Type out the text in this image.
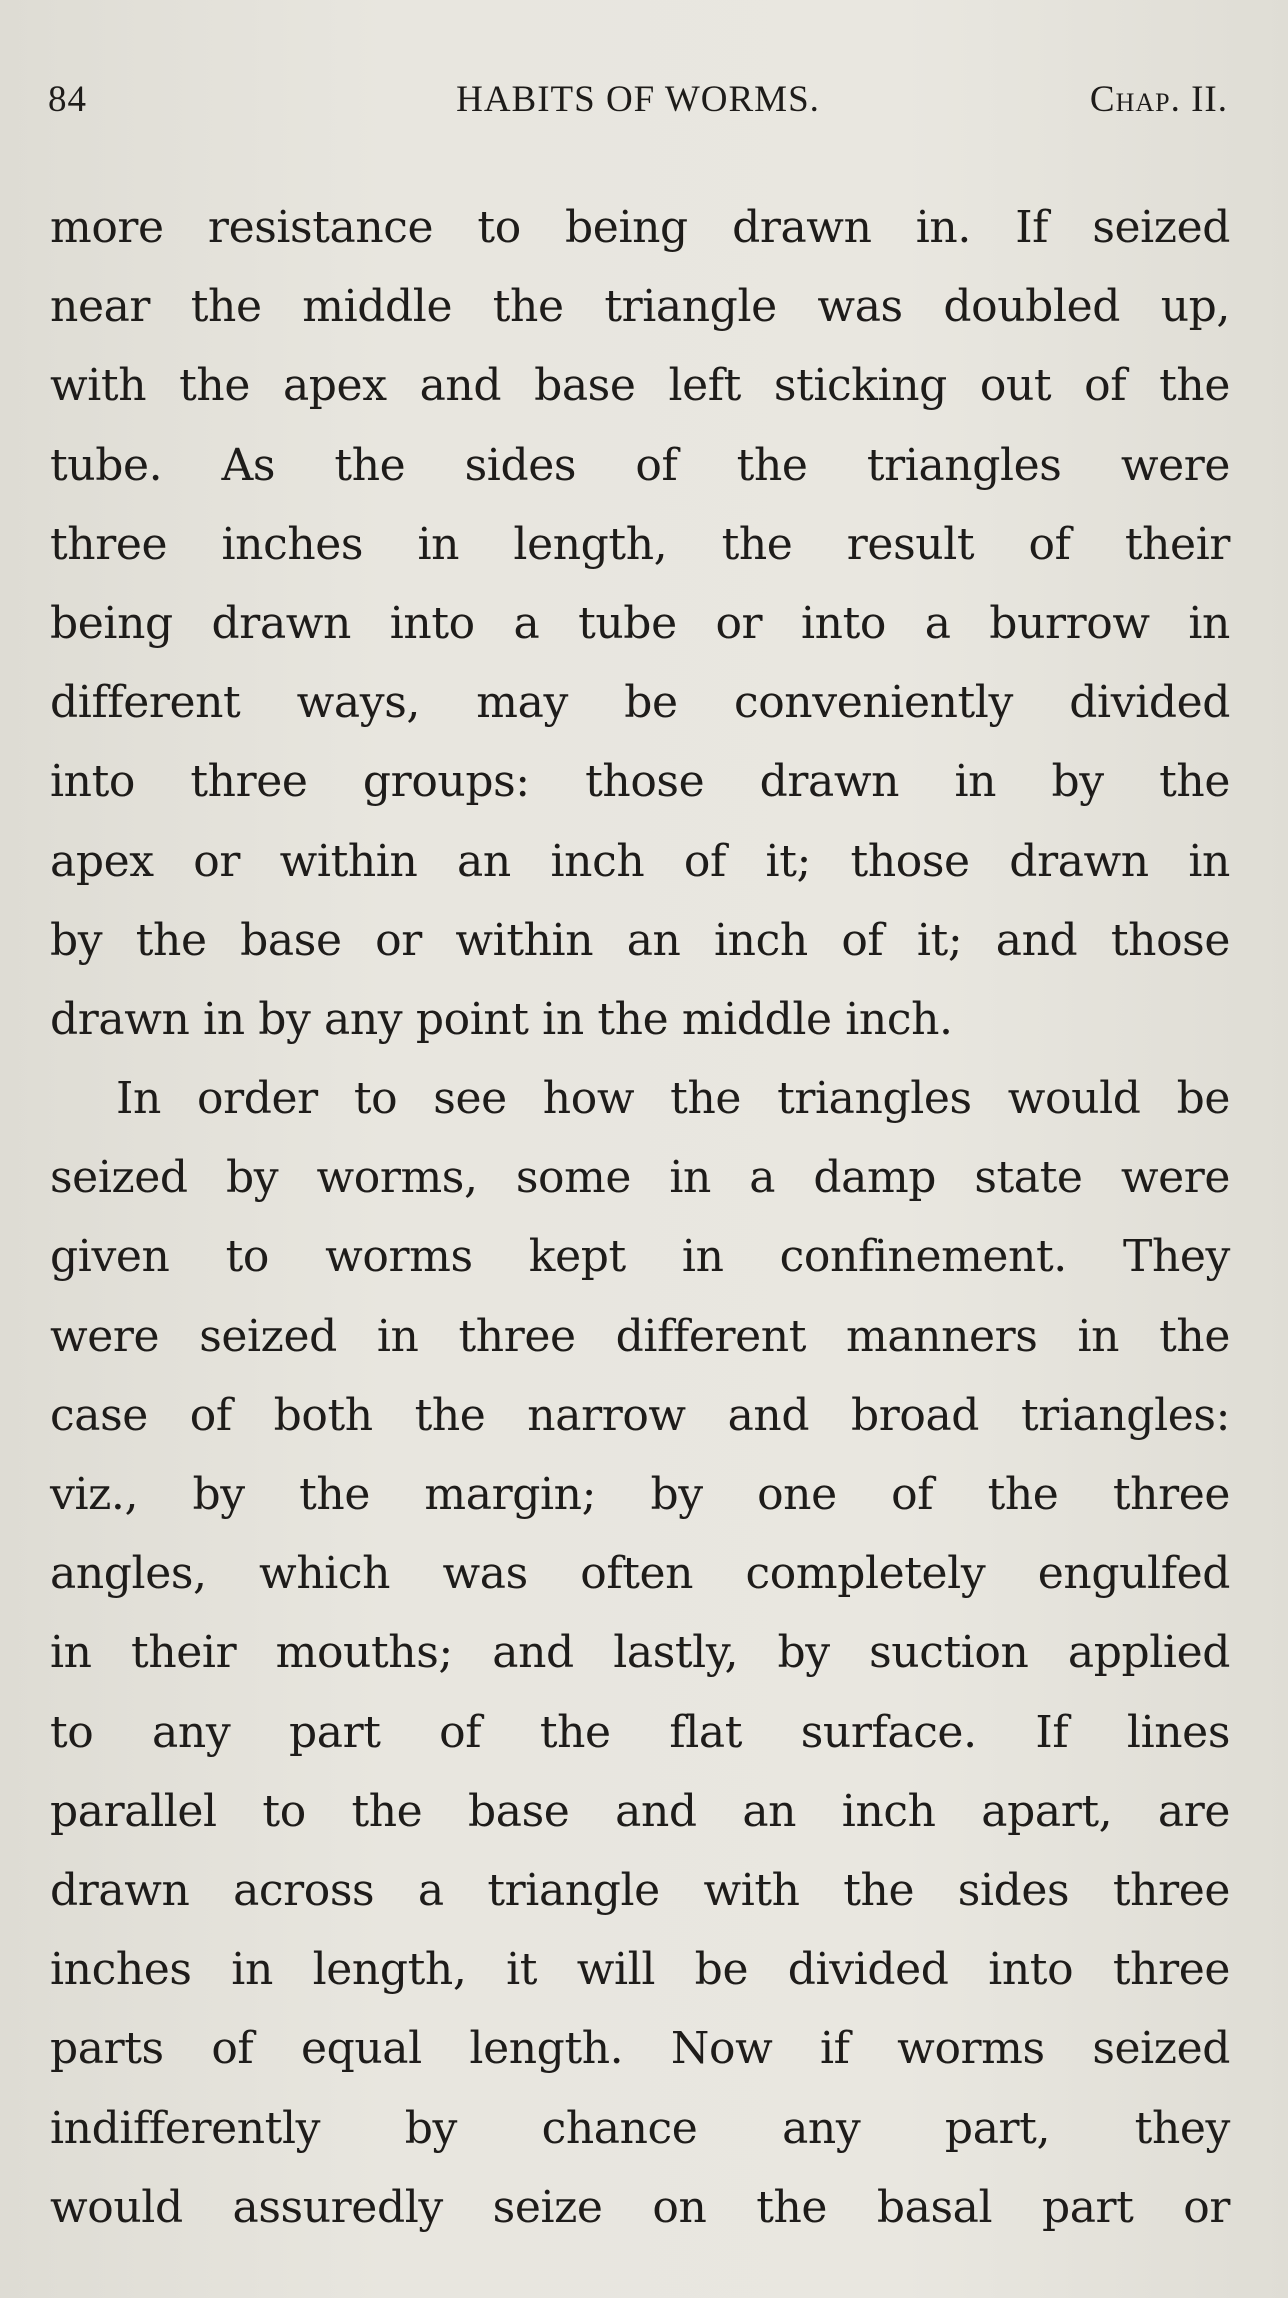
84	HABITS OF WORMS.	Chap. II.
more resistance to being drawn in. If seized
near the middle the triangle was doubled up,
with the apex and base left sticking out of the
tube. As the sides of the triangles were
three inches in length, the result of their
being drawn into a tube or into a burrow in
different ways, may be conveniently divided
into three groups: those drawn in by the
apex or within an inch of it; those drawn in
by the base or within an inch of it; and those
drawn in by any point in the middle inch.
In order to see how the triangles would be
seized by worms, some in a damp state were
given to worms kept in confinement. They
were seized in three different manners in the
case of both the narrow and broad triangles:
viz., by the margin; by one of the three
angles, which was often completely engulfed
in their mouths; and lastly, by suction applied
to any part of the flat surface. If lines
parallel to the base and an inch apart, are
drawn across a triangle with the sides three
inches in length, it will be divided into three
parts of equal length. Now if worms seized
indifferently by chance any part, they
would assuredly seize on the basal part or
